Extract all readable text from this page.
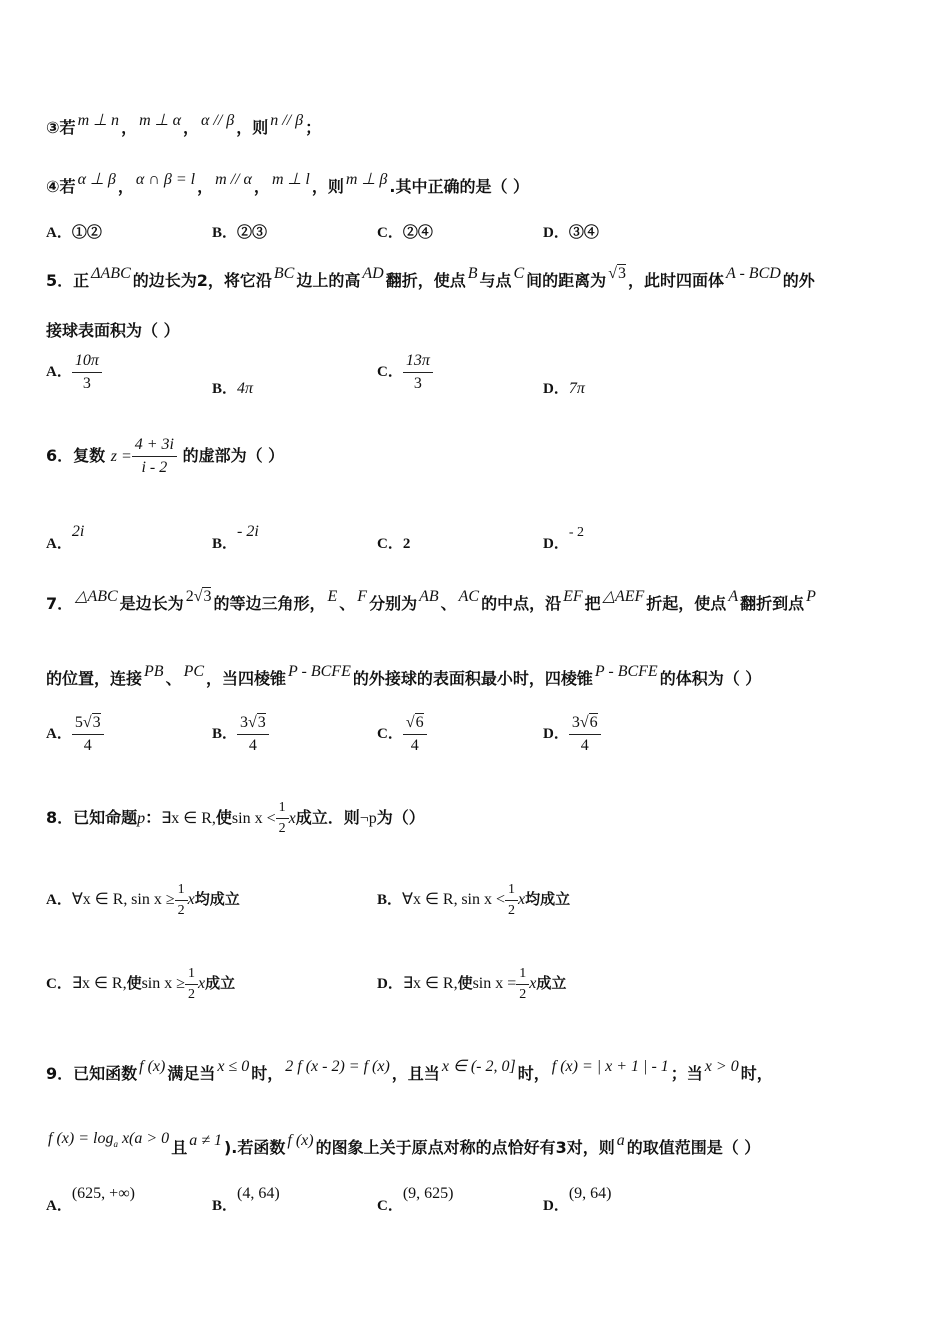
③若 m ⊥ n ， m ⊥ α ， α // β ，则 n // β ；
④若 α ⊥ β ， α ∩ β = l ， m // α ， m ⊥ l ，则 m ⊥ β .其中正确的是（ ）
A．①②	B．②③	C．②④	D．③④
5．正 ΔABC 的边长为2，将它沿 BC 边上的高 AD 翻折，使点 B 与点 C 间的距离为 √3 ，此时四面体 A - BCD 的外
接球表面积为（ ）
A． $\frac{10\pi}{3}$	B．4π
C． $\frac{13\pi}{3}$	D．7π
6．复数 $z = \frac{4 + 3i}{i - 2}$ 的虚部为（ ）
A．2i
B．- 2i
C．2	D．- 2
7． △ABC 是边长为 2√3 的等边三角形， E 、 F 分别为 AB 、 AC 的中点，沿 EF 把 △AEF 折起，使点 A 翻折到点 P
的位置，连接 PB 、 PC ，当四棱锥 P - BCFE 的外接球的表面积最小时，四棱锥 P - BCFE 的体积为（ ）
A． $\frac{5√3}{4}$	B． $\frac{3√3}{4}$	C． $\frac{√6}{4}$	D． $\frac{3√6}{4}$
8．已知命题p：∃x ∈ R,使$\sin x < \frac{1}{2}$ x成立．则¬p为（）
A．∀x ∈ R, $\sin x \ge \frac{1}{2}$ x均成立	B．∀x ∈ R, $\sin x < \frac{1}{2}$ x均成立
C．∃x ∈ R,使$\sin x \ge \frac{1}{2}$ x成立	D．∃x ∈ R,使$\sin x = \frac{1}{2}$ x成立
9．已知函数 f (x) 满足当 x ≤ 0 时， 2 f (x - 2) = f (x) ，且当 x ∈ (- 2, 0] 时， f (x) = | x + 1 | - 1 ；当 x > 0 时，
f $(x) = \log_a x(a > 0$ 且 a ≠ 1 ).若函数 f (x) 的图象上关于原点对称的点恰好有3对，则 a 的取值范围是（ ）
A．(625, +∞)
B．(4, 64)
C．(9, 625)
D．(9, 64)
